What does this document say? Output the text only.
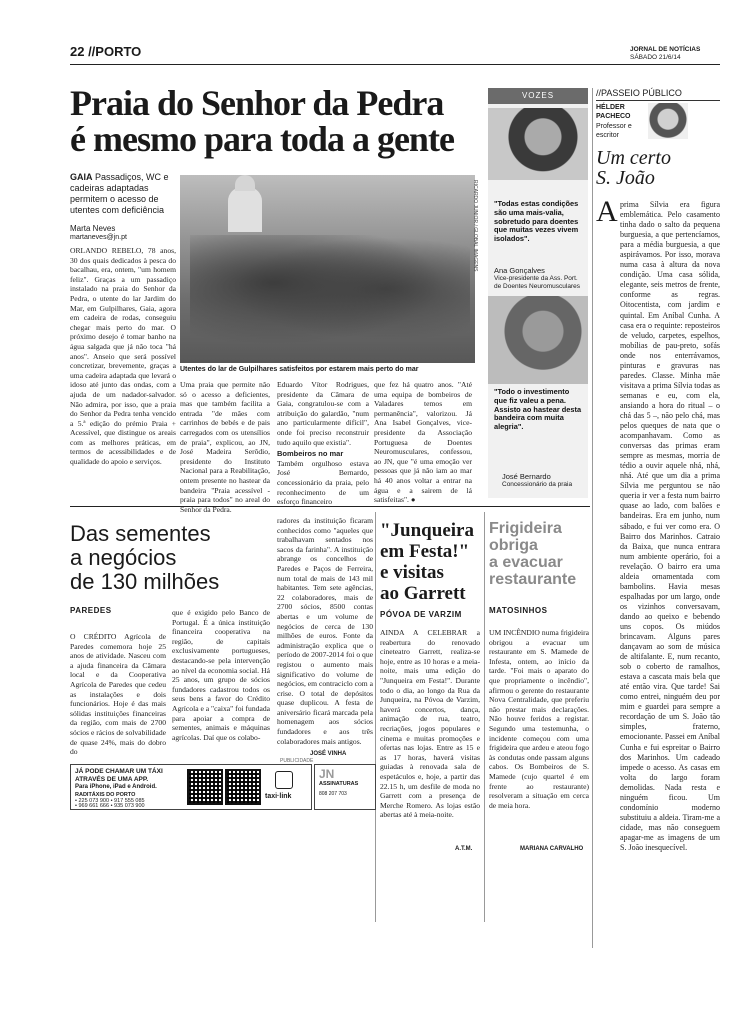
22 //PORTO	JORNAL DE NOTÍCIAS
SÁBADO 21/6/14
Praia do Senhor da Pedra
é mesmo para toda a gente
GAIA Passadiços, WC e cadeiras adaptadas permitem o acesso de utentes com deficiência
Marta Neves
martaneves@jn.pt	RICARDO JUNIOR / GLOBAL IMAGENS
Utentes do lar de Gulpilhares satisfeitos por estarem mais perto do mar
ORLANDO REBELO, 78 anos, 30 dos quais dedicados à pesca do bacalhau, era, ontem, "um homem feliz". Graças a um passadiço instalado na praia do Senhor da Pedra, o utente do lar Jardim do Mar, em Gulpilhares, Gaia, agora em cadeira de rodas, conseguiu chegar mais perto do mar. O próximo desejo é tomar banho na água salgada que já não toca "há anos". Anseio que será possível concretizar, brevemente, graças a uma cadeira adaptada que levará o idoso até junto das ondas, com a ajuda de um nadador-salvador. Não admira, por isso, que a praia do Senhor da Pedra tenha vencido a 5.ª edição do prémio Praia + Acessível, que distingue os areais com as melhores práticas, em termos de acessibilidades e de qualidade do apoio e serviços.
Uma praia que permite não só o acesso a deficientes, mas que também facilita a entrada "de mães com carrinhos de bebés e de pais carregados com os utensílios de praia", explicou, ao JN, José Madeira Serôdio, presidente do Instituto Nacional para a Reabilitação, ontem presente no hastear da bandeira "Praia acessível - praia para todos" no areal do Senhor da Pedra.
Eduardo Vítor Rodrigues, presidente da Câmara de Gaia, congratulou-se com a atribuição do galardão, "num ano particularmente difícil", onde foi preciso reconstruir tudo aquilo que existia".
Bombeiros no mar
Também orgulhoso estava José Bernardo, concessionário da praia, pelo reconhecimento de um esforço financeiro
que fez há quatro anos. "Até uma equipa de bombeiros de Valadares temos em permanência", valorizou. Já Ana Isabel Gonçalves, vice-presidente da Associação Portuguesa de Doentes Neuromusculares, confessou, ao JN, que "é uma emoção ver pessoas que já não iam ao mar há 40 anos voltar a entrar na água e a sairem de lá satisfeitas". ●
VOZES
"Todas estas condições são uma mais-valia, sobretudo para doentes que muitas vezes vivem isolados".
Ana Gonçalves
Vice-presidente da Ass. Port. de Doentes Neuromusculares
"Todo o investimento que fiz valeu a pena. Assisto ao hastear desta bandeira com muita alegria".
José Bernardo
Concessionário da praia
//PASSEIO PÚBLICO
HÉLDER PACHECO
Professor e escritor
Um certo
S. João
A prima Sílvia era figura emblemática. Pelo casamento tinha dado o salto da pequena burguesia, a que pertencíamos, para a média burguesia, a que aspirávamos. Por isso, morava numa casa à altura da nova condição. Uma casa sólida, elegante, seis metros de frente, conforme as regras. Oitocentista, com jardim e quintal. Em Aníbal Cunha. A casa era o requinte: reposteiros de veludo, carpetes, espelhos, mobílias de pau-preto, sofás onde nos enterrávamos, pinturas e gravuras nas paredes. Classe. Minha mãe visitava a prima Sílvia todas as semanas e eu, com ela, ansiando a hora do ritual – o chá das 5 –, não pelo chá, mas pelos queques de nata que o acompanhavam. Como as conversas das primas eram sempre as mesmas, morria de tédio a ouvir aquele nhá, nhá, nhá. Até que um dia a prima Sílvia me perguntou se não queria ir ver a festa num bairro quase ao lado, com balões e bandeiras. Era em junho, num sábado, e fui ver como era. O Bairro dos Marinhos. Catraio da Baixa, que nunca entrara num ambiente operário, foi a revelação. O bairro era uma aldeia ornamentada com bambolins. Havia mesas espalhadas por um largo, onde os vizinhos conversavam, dando ao queixo e bebendo uns copos. Os miúdos brincavam. Alguns pares dançavam ao som de música de altifalante. E, num recanto, sob o coberto de ramalhos, estava a cascata mais bela que até então vira. Que tarde! Sai como entrei, ninguém deu por mim e guardei para sempre a recordação de um S. João tão simples, fraterno, emocionante. Passei em Aníbal Cunha e fui espreitar o Bairro dos Marinhos. Um cadeado impede o acesso. As casas em volta do largo foram demolidas. Nada resta e ninguém ficou. Um condomínio moderno substituiu a aldeia. Tiram-me a cidade, mas não conseguem apagar-me as imagens de um S. João inesquecível.
Das sementes
a negócios
de 130 milhões
PAREDES
O CRÉDITO Agrícola de Paredes comemora hoje 25 anos de atividade. Nasceu com a ajuda financeira da Câmara local e da Cooperativa Agrícola de Paredes que cedeu as instalações e dois funcionários. Hoje é das mais sólidas instituições financeiras da região, com mais de 2700 sócios e rácios de solvabilidade de quase 24%, mais do dobro do
que é exigido pelo Banco de Portugal. É a única instituição financeira cooperativa na região, de capitais exclusivamente portugueses, destacando-se pela intervenção ao nível da economia social. Há 25 anos, um grupo de sócios fundadores cadastrou todos os seus bens a favor do Crédito Agrícola e a "caixa" foi fundada para apoiar a compra de sementes, animais e máquinas agrícolas. Daí que os colabo-
radores da instituição ficaram conhecidos como "aqueles que trabalhavam sentados nos sacos da farinha". A instituição abrange os concelhos de Paredes e Paços de Ferreira, num total de mais de 143 mil habitantes. Tem sete agências, 22 colaboradores, mais de 2700 sócios, 8500 contas abertas e um volume de negócios de cerca de 130 milhões de euros. Fonte da administração explica que o período de 2007-2014 foi o que registou o aumento mais significativo do volume de negócios, em contraciclo com a crise. O total de depósitos quase duplicou. A festa de aniversário ficará marcada pela homenagem aos sócios fundadores e aos três colaboradores mais antigos.
JOSÉ VINHA
"Junqueira
em Festa!"
e visitas
ao Garrett
PÓVOA DE VARZIM
AINDA A CELEBRAR a reabertura do renovado cineteatro Garrett, realiza-se hoje, entre as 10 horas e a meia-noite, mais uma edição do "Junqueira em Festa!". Durante todo o dia, ao longo da Rua da Junqueira, na Póvoa de Varzim, haverá concertos, dança, animação de rua, teatro, recriações, jogos populares e cinema e muitas promoções e ofertas nas lojas. Entre as 15 e as 17 horas, haverá visitas guiadas à renovada sala de espetáculos e, hoje, a partir das 22.15 h, um desfile de moda no Garrett com a presença de Merche Romero. As lojas estão abertas até à meia-noite.
A.T.M.
Frigideira
obriga
a evacuar
restaurante
MATOSINHOS
UM INCÊNDIO numa frigideira obrigou a evacuar um restaurante em S. Mamede de Infesta, ontem, ao início da tarde. "Foi mais o aparato do que propriamente o incêndio", afirmou o gerente do restaurante Nova Centralidade, que preferiu não prestar mais declarações. Não houve feridos a registar. Segundo uma testemunha, o incidente começou com uma frigideira que ardeu e ateou fogo às condutas onde passam alguns cabos. Os Bombeiros de S. Mamede (cujo quartel é em frente ao restaurante) resolveram a situação em cerca de meia hora.
MARIANA CARVALHO
PUBLICIDADE
JÁ PODE CHAMAR UM TÁXI
ATRAVÉS DE UMA APP.
Para iPhone, iPad e Android.
RADITÁXIS DO PORTO
• 225 073 900 • 917 555 085
• 969 661 666 • 935 073 900
taxi·link
JN
ASSINATURAS
808 207 703
